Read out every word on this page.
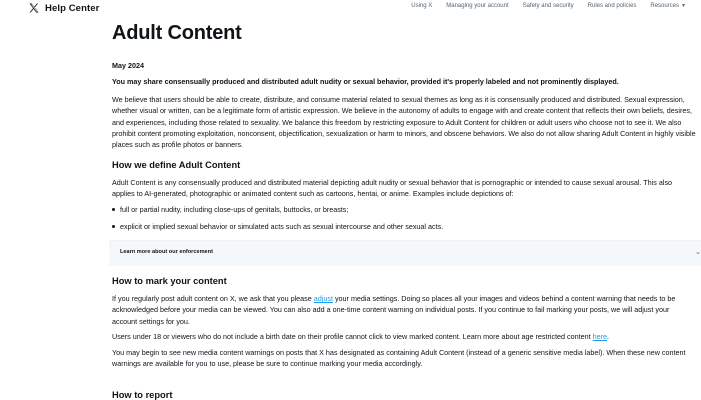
Help Center	Using X Managing your account Safety and security Rules and policies Resources ▼
Adult Content

May 2024

You may share consensually produced and distributed adult nudity or sexual behavior, provided it's properly labeled and not prominently displayed.

We believe that users should be able to create, distribute, and consume material related to sexual themes as long as it is consensually produced and distributed. Sexual expression, whether visual or written, can be a legitimate form of artistic expression. We believe in the autonomy of adults to engage with and create content that reflects their own beliefs, desires, and experiences, including those related to sexuality. We balance this freedom by restricting exposure to Adult Content for children or adult users who choose not to see it. We also prohibit content promoting exploitation, nonconsent, objectification, sexualization or harm to minors, and obscene behaviors. We also do not allow sharing Adult Content in highly visible places such as profile photos or banners.

How we define Adult Content

Adult Content is any consensually produced and distributed material depicting adult nudity or sexual behavior that is pornographic or intended to cause sexual arousal. This also applies to AI-generated, photographic or animated content such as cartoons, hentai, or anime. Examples include depictions of:

full or partial nudity, including close-ups of genitals, buttocks, or breasts;
explicit or implied sexual behavior or simulated acts such as sexual intercourse and other sexual acts.
Learn more about our enforcement	⌄
How to mark your content

If you regularly post adult content on X, we ask that you please adjust your media settings. Doing so places all your images and videos behind a content warning that needs to be acknowledged before your media can be viewed. You can also add a one-time content warning on individual posts. If you continue to fail marking your posts, we will adjust your account settings for you.

Users under 18 or viewers who do not include a birth date on their profile cannot click to view marked content. Learn more about age restricted content here.

You may begin to see new media content warnings on posts that X has designated as containing Adult Content (instead of a generic sensitive media label). When these new content warnings are available for you to use, please be sure to continue marking your media accordingly.

How to report
